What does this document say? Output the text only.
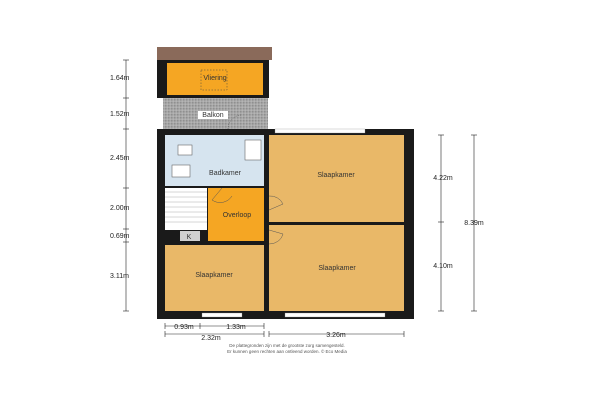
Vliering
Balkon
Badkamer	Slaapkamer
Overloop
K
Slaapkamer
Slaapkamer
1.64m
1.52m
2.45m
2.00m
0.69m
3.11m
4.22m
4.10m
8.39m
0.93m	1.33m
2.32m	3.26m
De plattegronden zijn met de grootste zorg samengesteld.
Er kunnen geen rechten aan ontleend worden. © Eco Media
